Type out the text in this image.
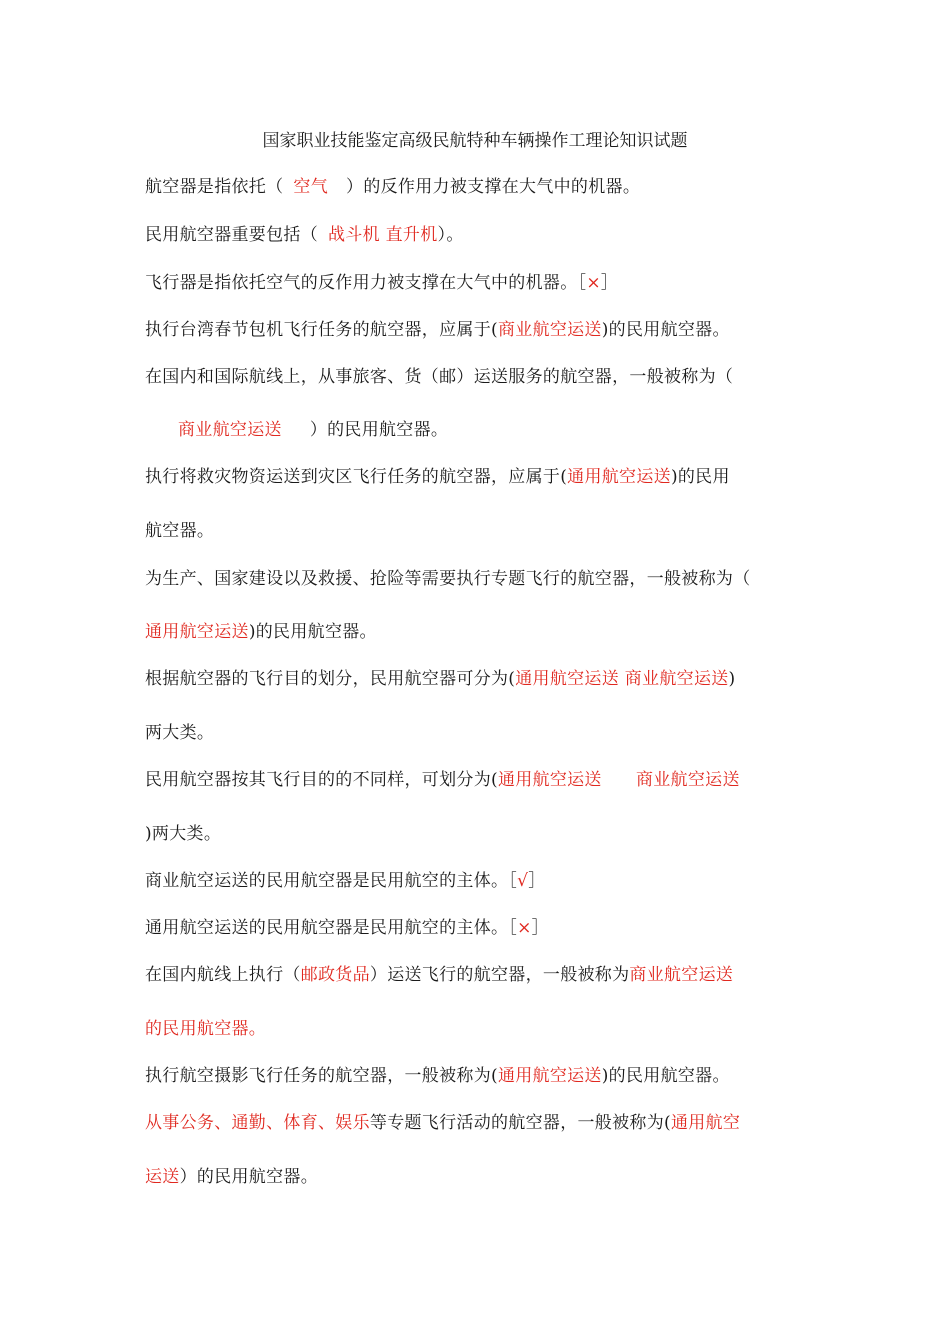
国家职业技能鉴定高级民航特种车辆操作工理论知识试题
航空器是指依托（ 空气 ）的反作用力被支撑在大气中的机器。
民用航空器重要包括（ 战斗机 直升机）。
飞行器是指依托空气的反作用力被支撑在大气中的机器。［×］
执行台湾春节包机飞行任务的航空器，应属于(商业航空运送)的民用航空器。
在国内和国际航线上，从事旅客、货（邮）运送服务的航空器，一般被称为（
商业航空运送 ）的民用航空器。
执行将救灾物资运送到灾区飞行任务的航空器，应属于(通用航空运送)的民用
航空器。
为生产、国家建设以及救援、抢险等需要执行专题飞行的航空器，一般被称为（
通用航空运送)的民用航空器。
根据航空器的飞行目的划分，民用航空器可分为(通用航空运送 商业航空运送)
两大类。
民用航空器按其飞行目的的不同样，可划分为(通用航空运送      商业航空运送
)两大类。
商业航空运送的民用航空器是民用航空的主体。［√］
通用航空运送的民用航空器是民用航空的主体。［×］
在国内航线上执行（邮政货品）运送飞行的航空器，一般被称为商业航空运送
的民用航空器。
执行航空摄影飞行任务的航空器，一般被称为(通用航空运送)的民用航空器。
从事公务、通勤、体育、娱乐等专题飞行活动的航空器，一般被称为(通用航空
运送）的民用航空器。
